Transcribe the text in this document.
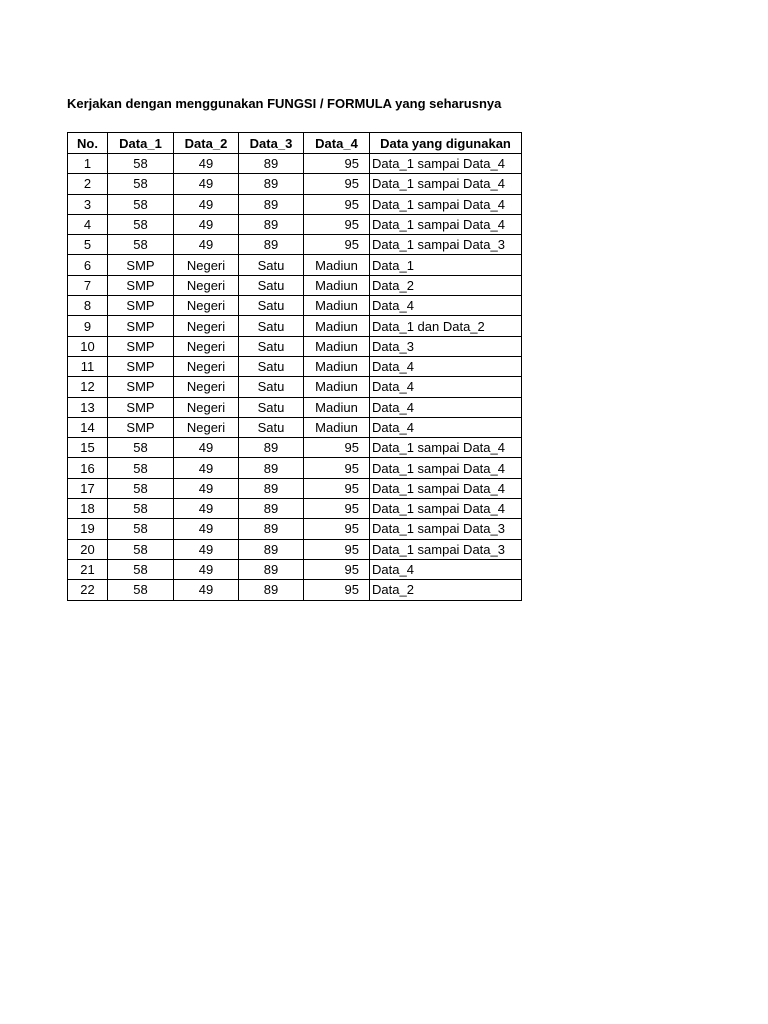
Kerjakan dengan menggunakan FUNGSI / FORMULA yang seharusnya
No.	Data_1	Data_2	Data_3	Data_4	Data yang digunakan
1	58	49	89	95	Data_1 sampai Data_4
2	58	49	89	95	Data_1 sampai Data_4
3	58	49	89	95	Data_1 sampai Data_4
4	58	49	89	95	Data_1 sampai Data_4
5	58	49	89	95	Data_1 sampai Data_3
6	SMP	Negeri	Satu	Madiun	Data_1
7	SMP	Negeri	Satu	Madiun	Data_2
8	SMP	Negeri	Satu	Madiun	Data_4
9	SMP	Negeri	Satu	Madiun	Data_1 dan Data_2
10	SMP	Negeri	Satu	Madiun	Data_3
11	SMP	Negeri	Satu	Madiun	Data_4
12	SMP	Negeri	Satu	Madiun	Data_4
13	SMP	Negeri	Satu	Madiun	Data_4
14	SMP	Negeri	Satu	Madiun	Data_4
15	58	49	89	95	Data_1 sampai Data_4
16	58	49	89	95	Data_1 sampai Data_4
17	58	49	89	95	Data_1 sampai Data_4
18	58	49	89	95	Data_1 sampai Data_4
19	58	49	89	95	Data_1 sampai Data_3
20	58	49	89	95	Data_1 sampai Data_3
21	58	49	89	95	Data_4
22	58	49	89	95	Data_2
